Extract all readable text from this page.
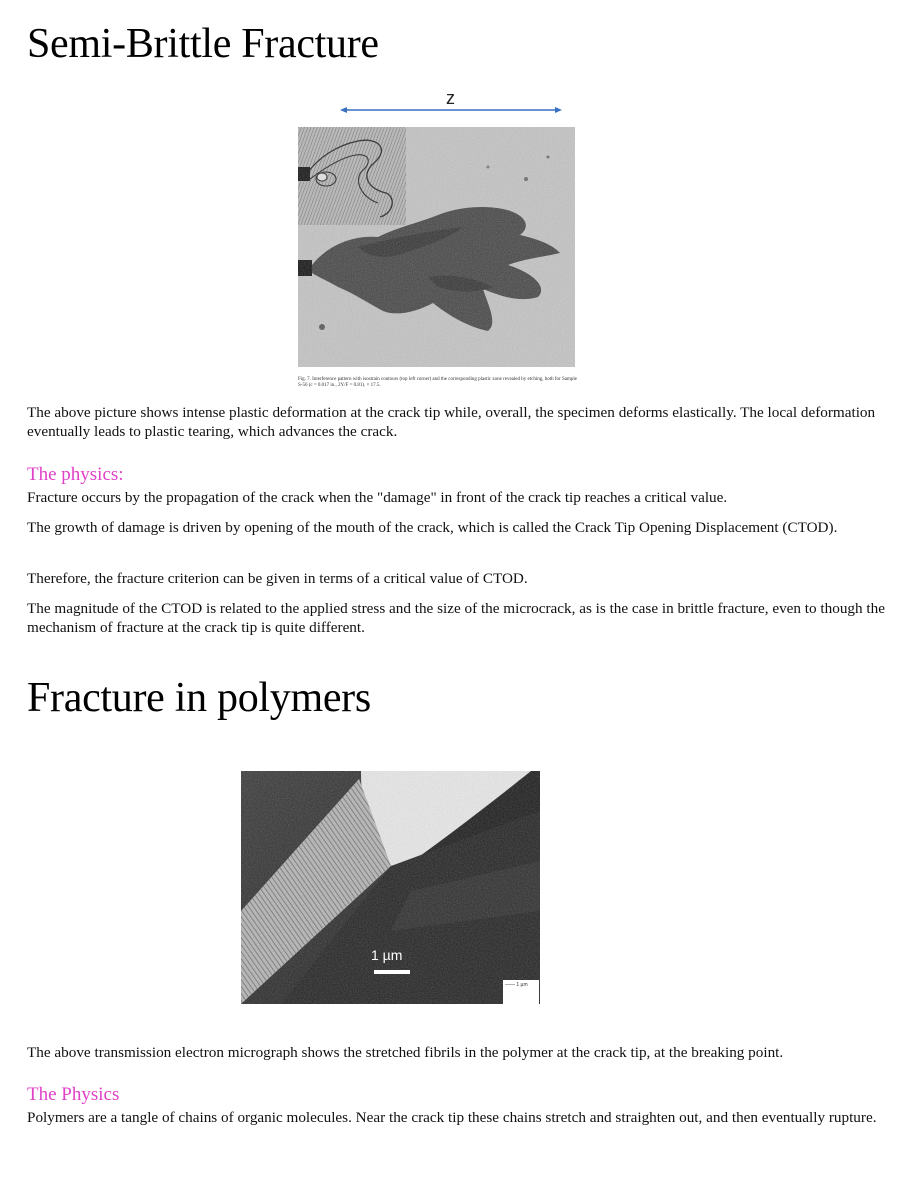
Semi-Brittle Fracture
z
Fig. 7. Interference pattern with isostrain contours (top left corner) and the corresponding plastic zone revealed by etching, both for Sample S-56 (c = 0.017 in., 2Y/F = 0.81). × 17.5.

The above picture shows intense plastic deformation at the crack tip while, overall, the specimen deforms elastically. The local deformation eventually leads to plastic tearing, which advances the crack.

The physics:

Fracture occurs by the propagation of the crack when the "damage" in front of the crack tip reaches a critical value.

The growth of damage is driven by opening of the mouth of the crack, which is called the Crack Tip Opening Displacement (CTOD).

Therefore, the fracture criterion can be given in terms of a critical value of CTOD.

The magnitude of the CTOD is related to the applied stress and the size of the microcrack, as is the case in brittle fracture, even to though the mechanism of fracture at the crack tip is quite different.

Fracture in polymers
1 µm
—— 1 µm

The above transmission electron micrograph shows the stretched fibrils in the polymer at the crack tip, at the breaking point.

The Physics

Polymers are a tangle of chains of organic molecules. Near the crack tip these chains stretch and straighten out, and then eventually rupture.
